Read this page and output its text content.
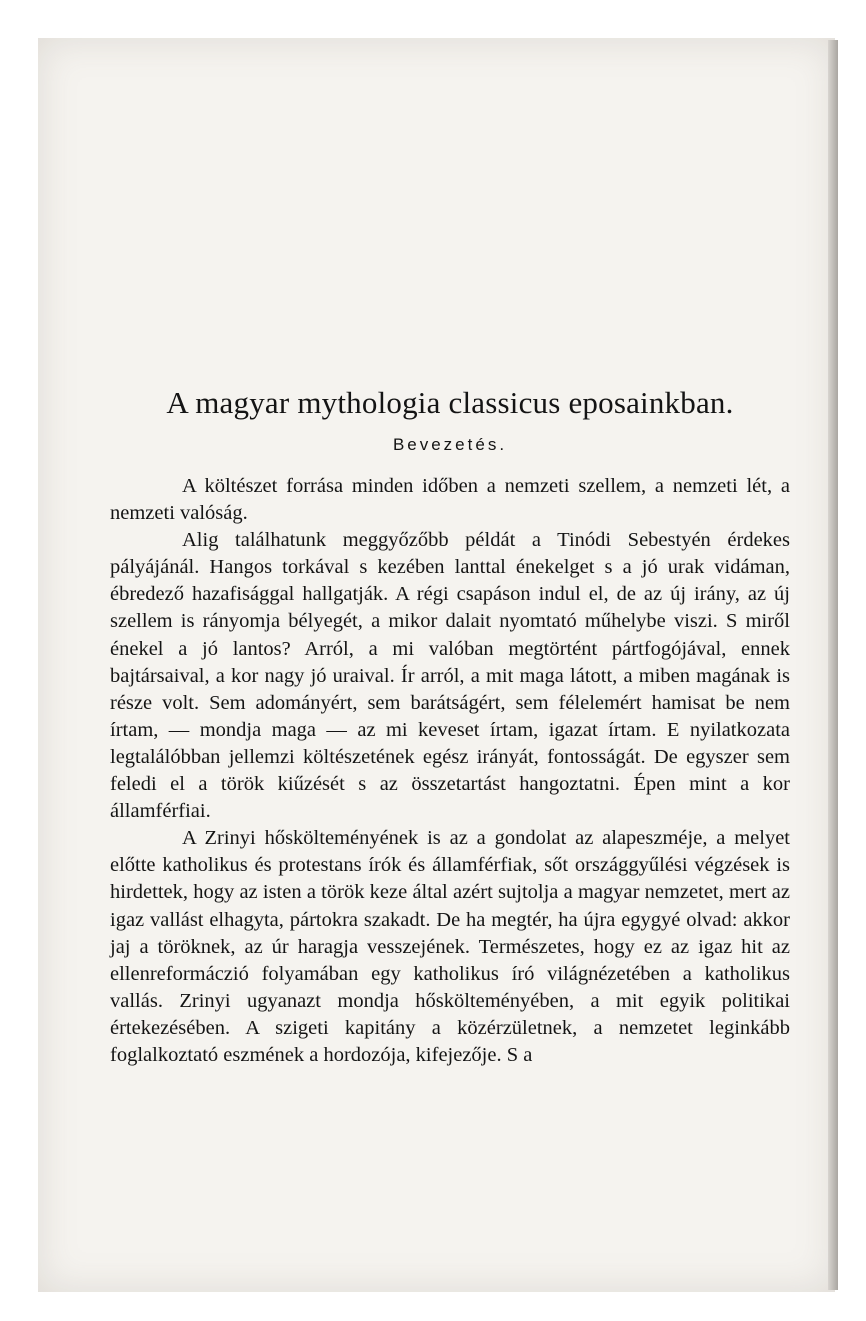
A magyar mythologia classicus eposainkban.
Bevezetés.

A költészet forrása minden időben a nemzeti szellem, a nemzeti lét, a nemzeti valóság.

Alig találhatunk meggyőzőbb példát a Tinódi Sebestyén érdekes pályájánál. Hangos torkával s kezében lanttal énekelget s a jó urak vidáman, ébredező hazafisággal hallgatják. A régi csapáson indul el, de az új irány, az új szellem is rányomja bélyegét, a mikor dalait nyomtató műhelybe viszi. S miről énekel a jó lantos? Arról, a mi valóban megtörtént pártfogójával, ennek bajtársaival, a kor nagy jó uraival. Ír arról, a mit maga látott, a miben magának is része volt. Sem adományért, sem barátságért, sem félelemért hamisat be nem írtam, — mondja maga — az mi keveset írtam, igazat írtam. E nyilatkozata legtalálóbban jellemzi költészetének egész irányát, fontosságát. De egyszer sem feledi el a török kiűzését s az összetartást hangoztatni. Épen mint a kor államférfiai.

A Zrinyi hőskölteményének is az a gondolat az alapeszméje, a melyet előtte katholikus és protestans írók és államférfiak, sőt országgyűlési végzések is hirdettek, hogy az isten a török keze által azért sujtolja a magyar nemzetet, mert az igaz vallást elhagyta, pártokra szakadt. De ha megtér, ha újra egygyé olvad: akkor jaj a töröknek, az úr haragja vesszejének. Természetes, hogy ez az igaz hit az ellenreformáczió folyamában egy katholikus író világnézetében a katholikus vallás. Zrinyi ugyanazt mondja hőskölteményében, a mit egyik politikai értekezésében. A szigeti kapitány a közérzületnek, a nemzetet leginkább foglalkoztató eszmének a hordozója, kifejezője. S a
